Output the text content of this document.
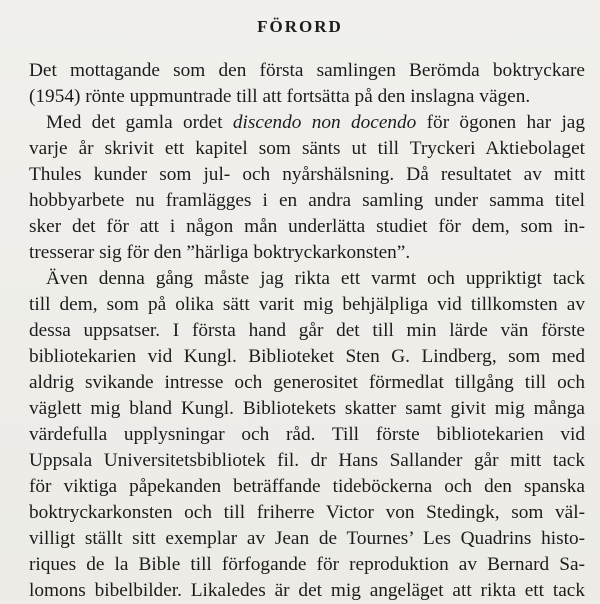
FÖRORD
Det mottagande som den första samlingen Berömda boktryckare
(1954) rönte uppmuntrade till att fortsätta på den inslagna vägen.
Med det gamla ordet discendo non docendo för ögonen har jag
varje år skrivit ett kapitel som sänts ut till Tryckeri Aktiebolaget
Thules kunder som jul- och nyårshälsning. Då resultatet av mitt
hobbyarbete nu framlägges i en andra samling under samma titel
sker det för att i någon mån underlätta studiet för dem, som in-
tresserar sig för den ”härliga boktryckarkonsten”.
Även denna gång måste jag rikta ett varmt och uppriktigt tack
till dem, som på olika sätt varit mig behjälpliga vid tillkomsten av
dessa uppsatser. I första hand går det till min lärde vän förste
bibliotekarien vid Kungl. Biblioteket Sten G. Lindberg, som med
aldrig svikande intresse och generositet förmedlat tillgång till och
väglett mig bland Kungl. Bibliotekets skatter samt givit mig många
värdefulla upplysningar och råd. Till förste bibliotekarien vid
Uppsala Universitetsbibliotek fil. dr Hans Sallander går mitt tack
för viktiga påpekanden beträffande tideböckerna och den spanska
boktryckarkonsten och till friherre Victor von Stedingk, som väl-
villigt ställt sitt exemplar av Jean de Tournes’ Les Quadrins histo-
riques de la Bible till förfogande för reproduktion av Bernard Sa-
lomons bibelbilder. Likaledes är det mig angeläget att rikta ett tack
